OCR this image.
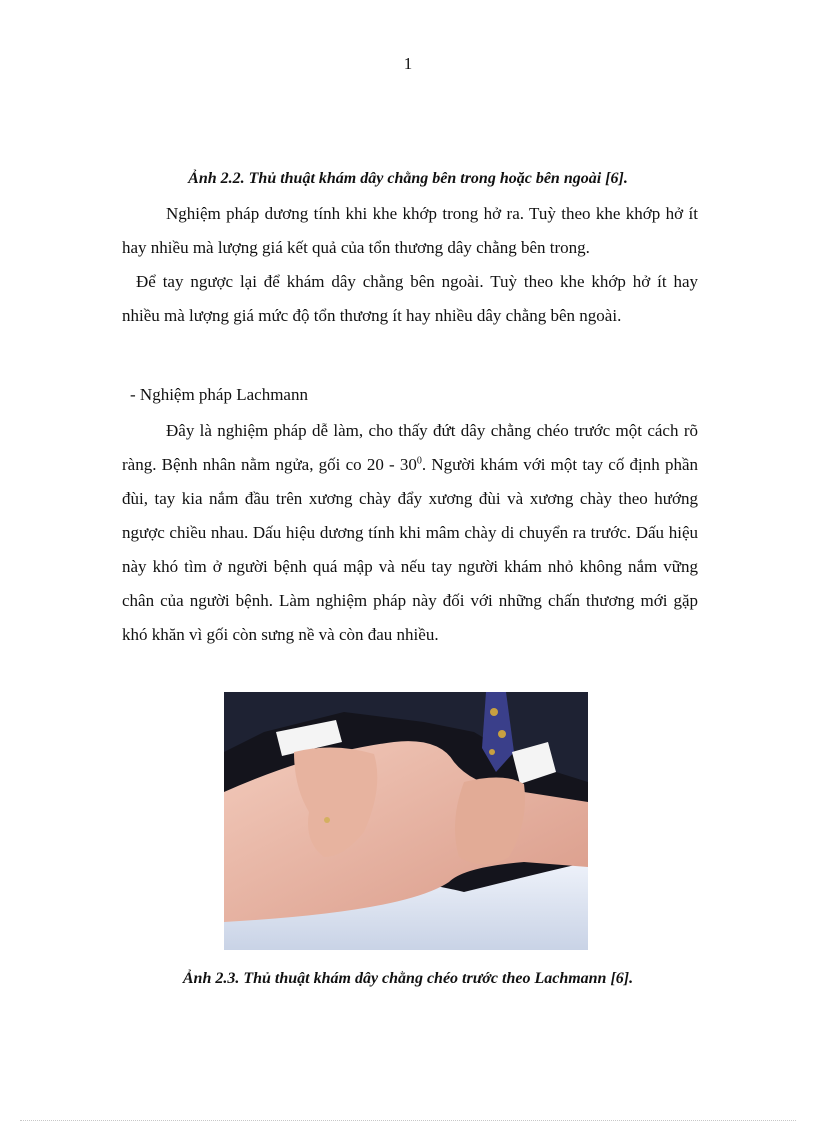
1
Ảnh 2.2. Thủ thuật khám dây chằng bên trong hoặc bên ngoài [6].

Nghiệm pháp dương tính khi khe khớp trong hở ra. Tuỳ theo khe khớp hở ít hay nhiều mà lượng giá kết quả của tổn thương dây chằng bên trong.

Để tay ngược lại để khám dây chằng bên ngoài. Tuỳ theo khe khớp hở ít hay nhiều mà lượng giá mức độ tổn thương ít hay nhiều dây chằng bên ngoài.

- Nghiệm pháp Lachmann

Đây là nghiệm pháp dễ làm, cho thấy đứt dây chằng chéo trước một cách rõ ràng. Bệnh nhân nằm ngửa, gối co $20 - 30^0$. Người khám với một tay cố định phần đùi, tay kia nắm đầu trên xương chày đẩy xương đùi và xương chày theo hướng ngược chiều nhau. Dấu hiệu dương tính khi mâm chày di chuyển ra trước. Dấu hiệu này khó tìm ở người bệnh quá mập và nếu tay người khám nhỏ không nắm vững chân của người bệnh. Làm nghiệm pháp này đối với những chấn thương mới gặp khó khăn vì gối còn sưng nề và còn đau nhiều.

Ảnh 2.3. Thủ thuật khám dây chằng chéo trước theo Lachmann [6].
